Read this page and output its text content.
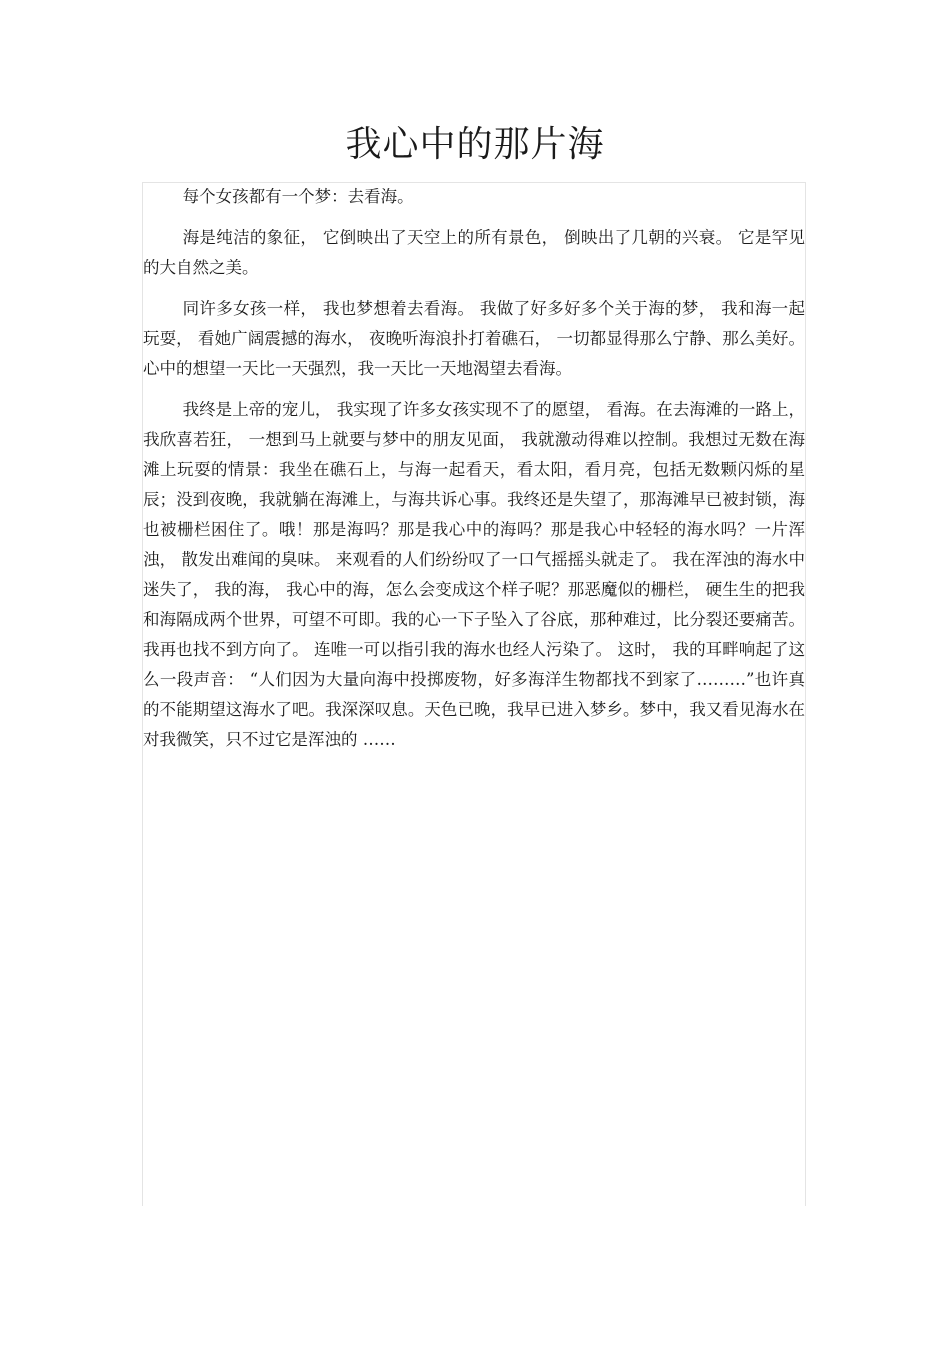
我心中的那片海

每个女孩都有一个梦：去看海。

海是纯洁的象征， 它倒映出了天空上的所有景色， 倒映出了几朝的兴衰。 它是罕见的大自然之美。

同许多女孩一样， 我也梦想着去看海。 我做了好多好多个关于海的梦， 我和海一起玩耍， 看她广阔震撼的海水， 夜晚听海浪扑打着礁石， 一切都显得那么宁静、那么美好。心中的想望一天比一天强烈，我一天比一天地渴望去看海。

我终是上帝的宠儿， 我实现了许多女孩实现不了的愿望， 看海。在去海滩的一路上，我欣喜若狂， 一想到马上就要与梦中的朋友见面， 我就激动得难以控制。我想过无数在海滩上玩耍的情景：我坐在礁石上，与海一起看天，看太阳，看月亮，包括无数颗闪烁的星辰；没到夜晚，我就躺在海滩上，与海共诉心事。我终还是失望了，那海滩早已被封锁，海也被栅栏困住了。哦！那是海吗？那是我心中的海吗？那是我心中轻轻的海水吗？一片浑浊， 散发出难闻的臭味。 来观看的人们纷纷叹了一口气摇摇头就走了。 我在浑浊的海水中迷失了， 我的海， 我心中的海，怎么会变成这个样子呢？那恶魔似的栅栏， 硬生生的把我和海隔成两个世界，可望不可即。我的心一下子坠入了谷底，那种难过，比分裂还要痛苦。我再也找不到方向了。 连唯一可以指引我的海水也经人污染了。 这时， 我的耳畔响起了这么一段声音： “人们因为大量向海中投掷废物，好多海洋生物都找不到家了………”也许真的不能期望这海水了吧。我深深叹息。天色已晚，我早已进入梦乡。梦中，我又看见海水在对我微笑，只不过它是浑浊的 ……
